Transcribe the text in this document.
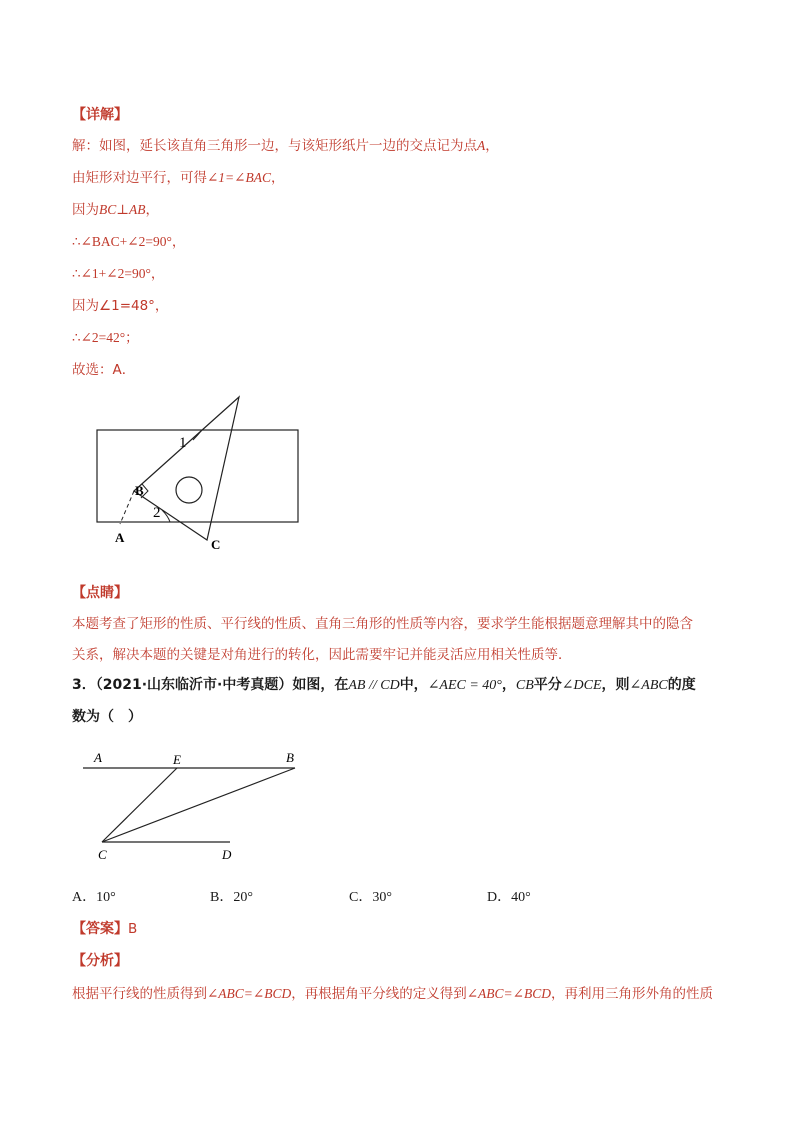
【详解】
解：如图，延长该直角三角形一边，与该矩形纸片一边的交点记为点A，
由矩形对边平行，可得∠1=∠BAC，
因为BC⊥AB，
∴∠BAC+∠2=90°，
∴∠1+∠2=90°，
因为∠1=48°，
∴∠2=42°；
故选：A．
1
2
B
A	C
【点睛】
本题考查了矩形的性质、平行线的性质、直角三角形的性质等内容，要求学生能根据题意理解其中的隐含
关系，解决本题的关键是对角进行的转化，因此需要牢记并能灵活应用相关性质等．
3．（2021·山东临沂市·中考真题）如图，在AB // CD中，∠AEC = 40°，CB平分∠DCE，则∠ABC的度
数为（　）
A	E	B
C	D
A．10°	B．20°	C．30°	D．40°
【答案】B
【分析】
根据平行线的性质得到∠ABC=∠BCD，再根据角平分线的定义得到∠ABC=∠BCD，再利用三角形外角的性质
